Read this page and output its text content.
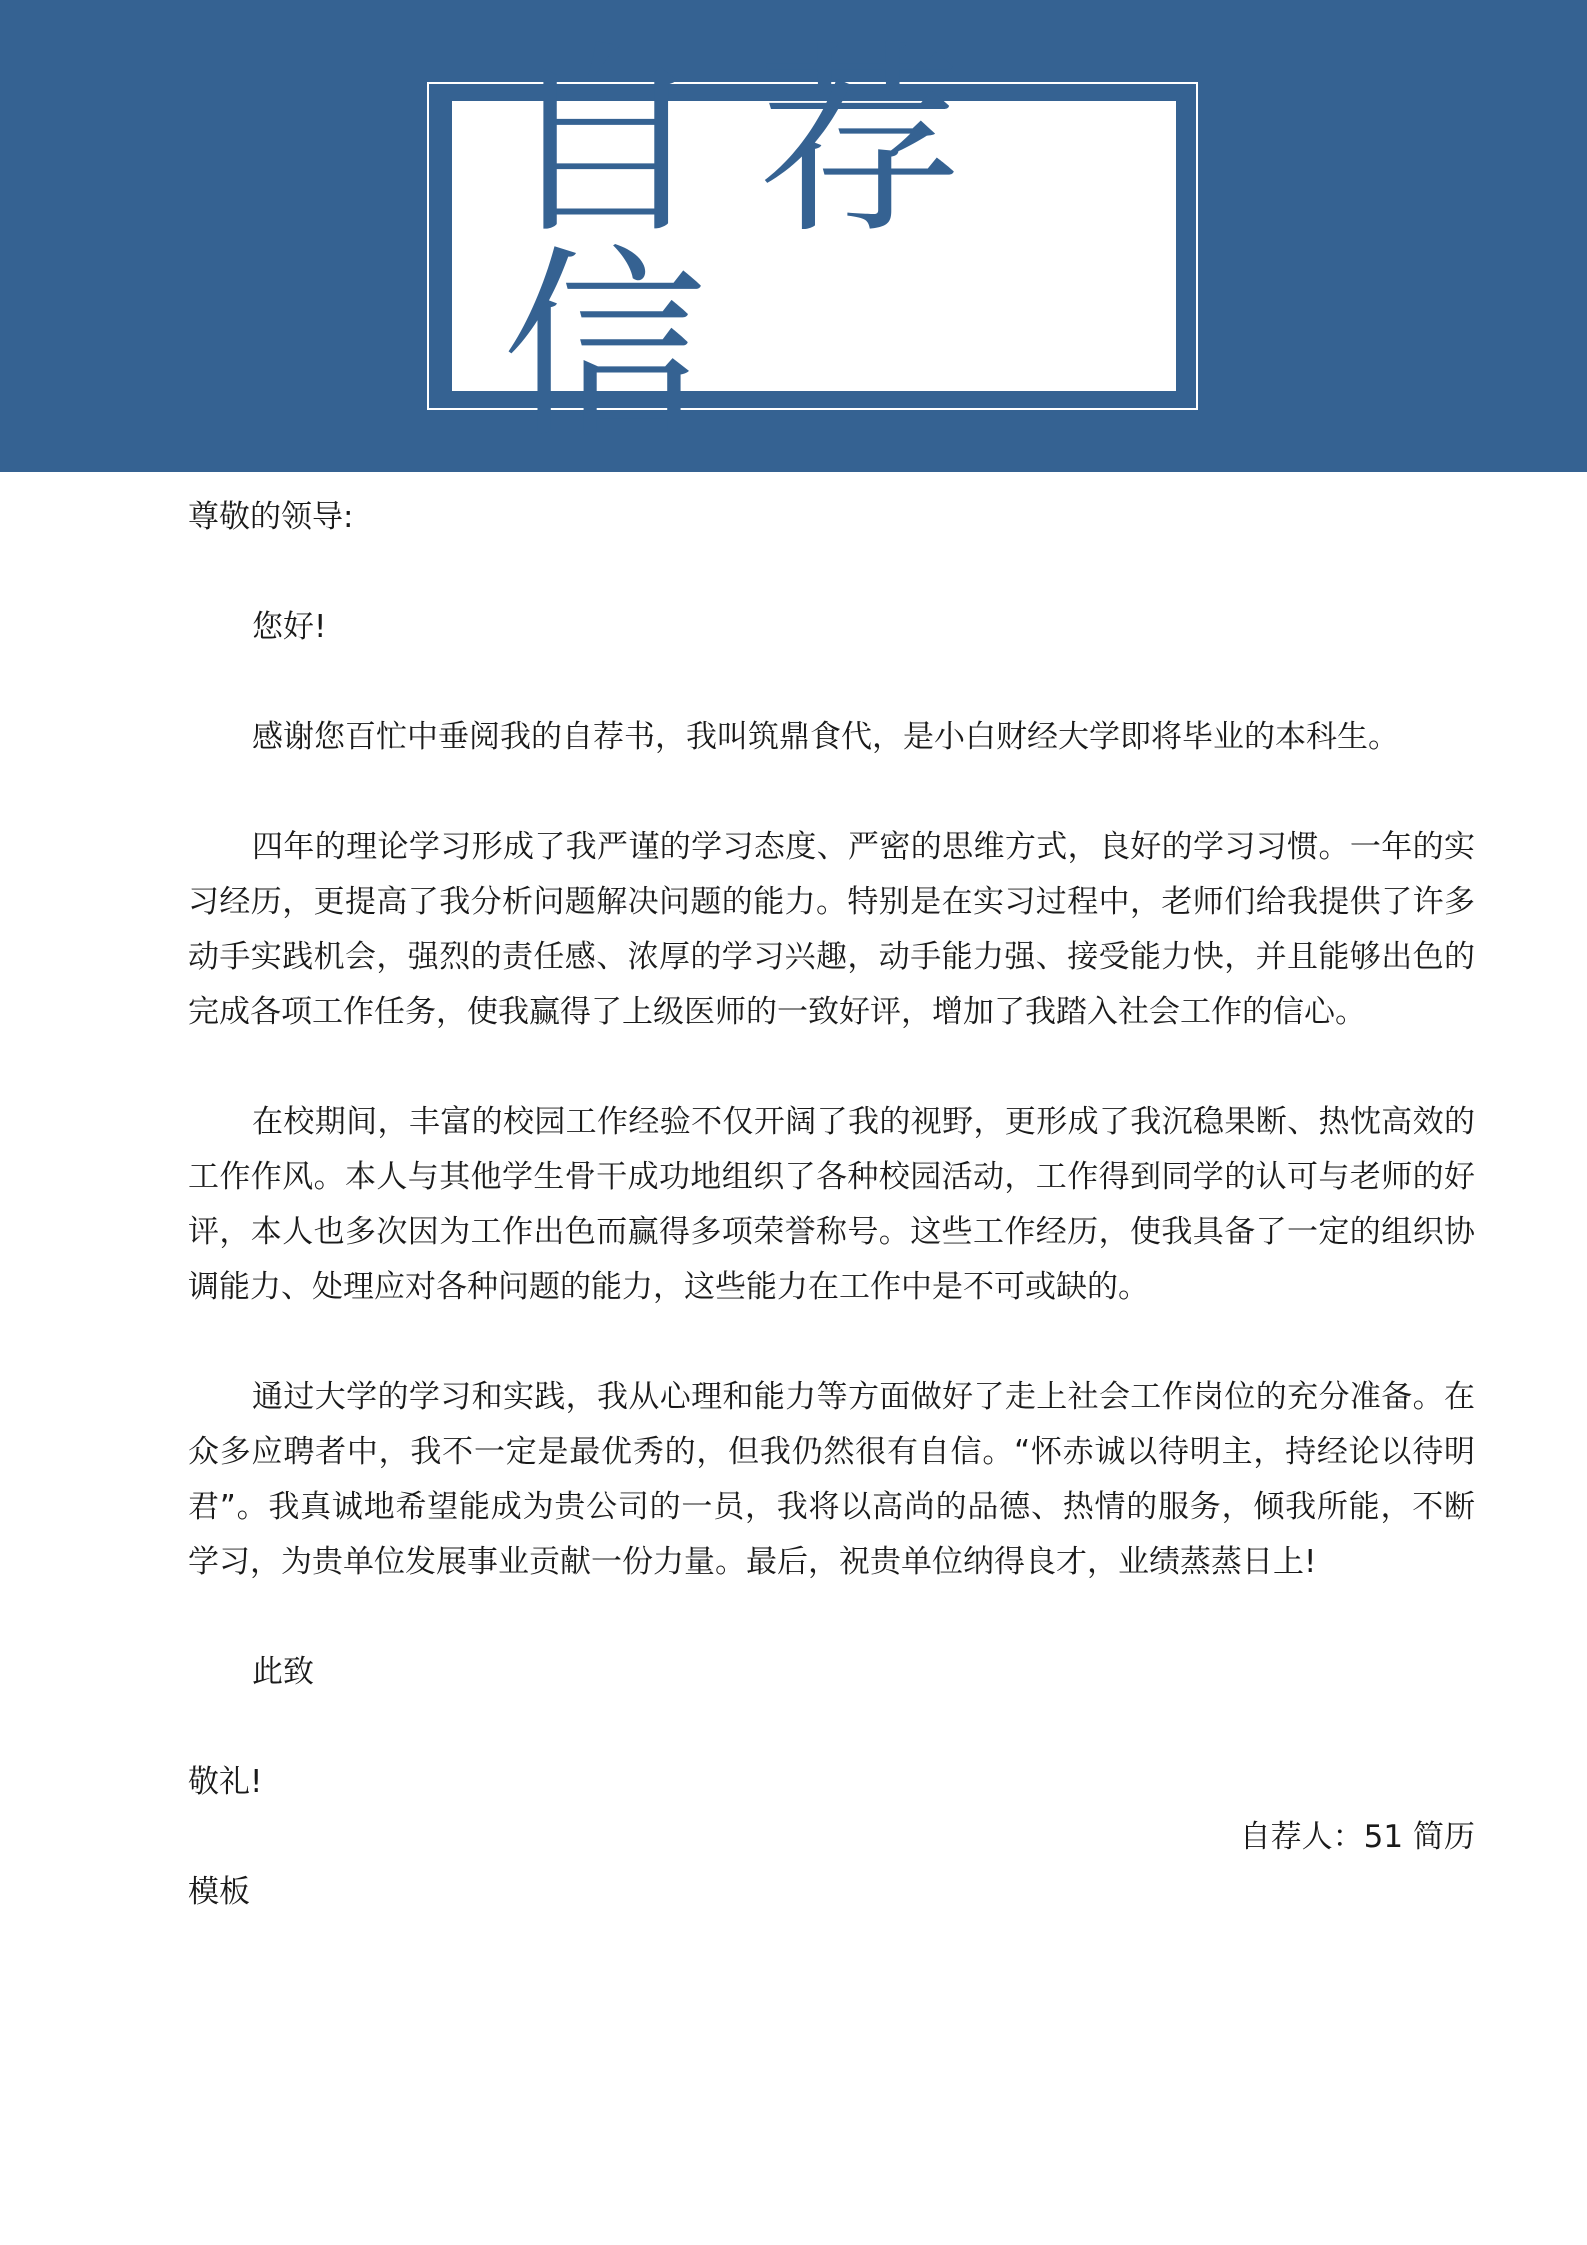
自荐信

尊敬的领导:

您好!

感谢您百忙中垂阅我的自荐书，我叫筑鼎食代，是小白财经大学即将毕业的本科生。

四年的理论学习形成了我严谨的学习态度、严密的思维方式，良好的学习习惯。一年的实习经历，更提高了我分析问题解决问题的能力。特别是在实习过程中，老师们给我提供了许多动手实践机会，强烈的责任感、浓厚的学习兴趣，动手能力强、接受能力快，并且能够出色的完成各项工作任务，使我赢得了上级医师的一致好评，增加了我踏入社会工作的信心。

在校期间，丰富的校园工作经验不仅开阔了我的视野，更形成了我沉稳果断、热忱高效的工作作风。本人与其他学生骨干成功地组织了各种校园活动，工作得到同学的认可与老师的好评，本人也多次因为工作出色而赢得多项荣誉称号。这些工作经历，使我具备了一定的组织协调能力、处理应对各种问题的能力，这些能力在工作中是不可或缺的。

通过大学的学习和实践，我从心理和能力等方面做好了走上社会工作岗位的充分准备。在众多应聘者中，我不一定是最优秀的，但我仍然很有自信。“怀赤诚以待明主，持经论以待明君”。我真诚地希望能成为贵公司的一员，我将以高尚的品德、热情的服务，倾我所能，不断学习，为贵单位发展事业贡献一份力量。最后，祝贵单位纳得良才，业绩蒸蒸日上!

此致

敬礼!

自荐人：51 简历

模板
